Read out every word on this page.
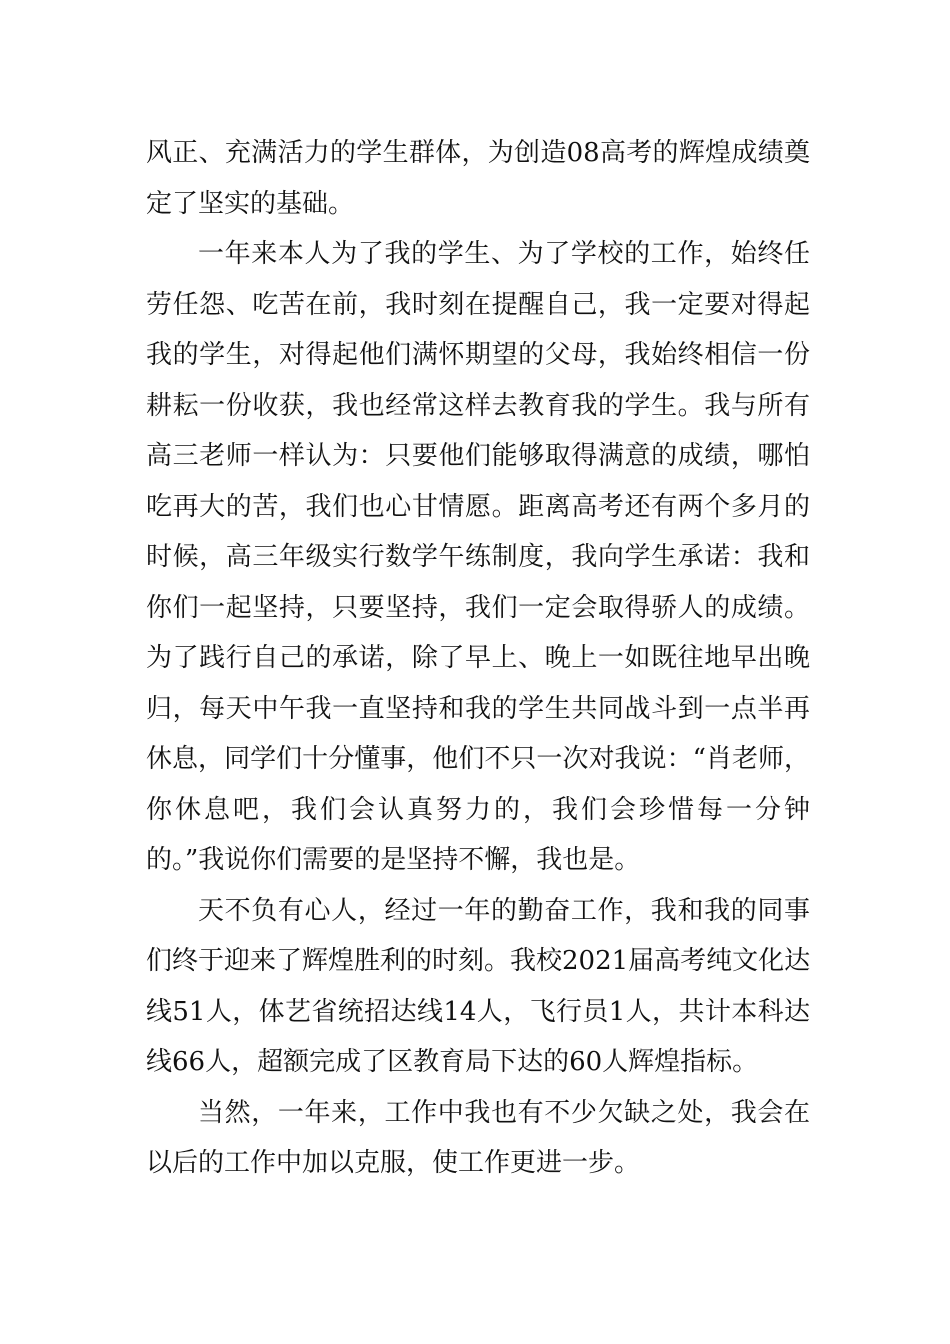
风正、充满活力的学生群体，为创造08高考的辉煌成绩奠
定了坚实的基础。
一年来本人为了我的学生、为了学校的工作，始终任
劳任怨、吃苦在前，我时刻在提醒自己，我一定要对得起
我的学生，对得起他们满怀期望的父母，我始终相信一份
耕耘一份收获，我也经常这样去教育我的学生。我与所有
高三老师一样认为：只要他们能够取得满意的成绩，哪怕
吃再大的苦，我们也心甘情愿。距离高考还有两个多月的
时候，高三年级实行数学午练制度，我向学生承诺：我和
你们一起坚持，只要坚持，我们一定会取得骄人的成绩。
为了践行自己的承诺，除了早上、晚上一如既往地早出晚
归，每天中午我一直坚持和我的学生共同战斗到一点半再
休息，同学们十分懂事，他们不只一次对我说：“肖老师，
你休息吧，我们会认真努力的，我们会珍惜每一分钟
的。”我说你们需要的是坚持不懈，我也是。
天不负有心人，经过一年的勤奋工作，我和我的同事
们终于迎来了辉煌胜利的时刻。我校2021届高考纯文化达
线51人，体艺省统招达线14人，飞行员1人，共计本科达
线66人，超额完成了区教育局下达的60人辉煌指标。
当然，一年来，工作中我也有不少欠缺之处，我会在
以后的工作中加以克服，使工作更进一步。
